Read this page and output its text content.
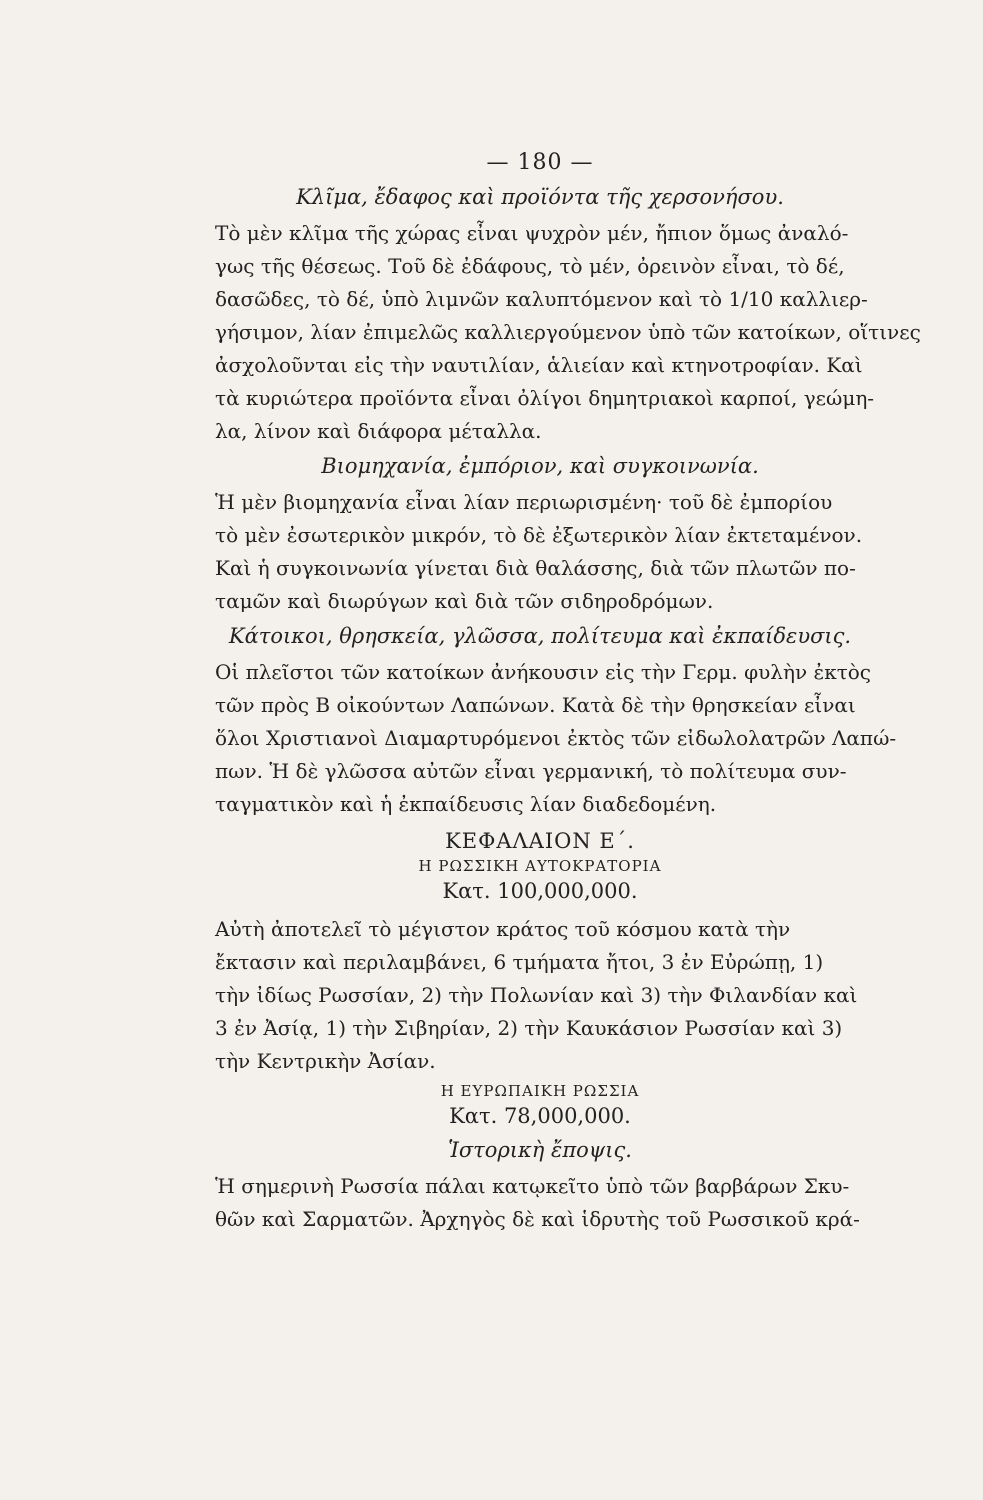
— 180 —
Κλῖμα, ἔδαφος καὶ προϊόντα τῆς χερσονήσου.
Τὸ μὲν κλῖμα τῆς χώρας εἶναι ψυχρὸν μέν, ἤπιον ὅμως ἀναλό-
γως τῆς θέσεως. Τοῦ δὲ ἐδάφους, τὸ μέν, ὀρεινὸν εἶναι, τὸ δέ,
δασῶδες, τὸ δέ, ὑπὸ λιμνῶν καλυπτόμενον καὶ τὸ 1/10 καλλιερ-
γήσιμον, λίαν ἐπιμελῶς καλλιεργούμενον ὑπὸ τῶν κατοίκων, οἵτινες
ἀσχολοῦνται εἰς τὴν ναυτιλίαν, ἁλιείαν καὶ κτηνοτροφίαν. Καὶ
τὰ κυριώτερα προϊόντα εἶναι ὀλίγοι δημητριακοὶ καρποί, γεώμη-
λα, λίνον καὶ διάφορα μέταλλα.
Βιομηχανία, ἐμπόριον, καὶ συγκοινωνία.
Ἡ μὲν βιομηχανία εἶναι λίαν περιωρισμένη· τοῦ δὲ ἐμπορίου
τὸ μὲν ἐσωτερικὸν μικρόν, τὸ δὲ ἐξωτερικὸν λίαν ἐκτεταμένον.
Καὶ ἡ συγκοινωνία γίνεται διὰ θαλάσσης, διὰ τῶν πλωτῶν πο-
ταμῶν καὶ διωρύγων καὶ διὰ τῶν σιδηροδρόμων.
Κάτοικοι, θρησκεία, γλῶσσα, πολίτευμα καὶ ἐκπαίδευσις.
Οἱ πλεῖστοι τῶν κατοίκων ἀνήκουσιν εἰς τὴν Γερμ. φυλὴν ἐκτὸς
τῶν πρὸς Β οἰκούντων Λαπώνων. Κατὰ δὲ τὴν θρησκείαν εἶναι
ὅλοι Χριστιανοὶ Διαμαρτυρόμενοι ἐκτὸς τῶν εἰδωλολατρῶν Λαπώ-
πων. Ἡ δὲ γλῶσσα αὐτῶν εἶναι γερμανική, τὸ πολίτευμα συν-
ταγματικὸν καὶ ἡ ἐκπαίδευσις λίαν διαδεδομένη.
ΚΕΦΑΛΑΙΟΝ Ε΄.
Η ΡΩΣΣΙΚΗ ΑΥΤΟΚΡΑΤΟΡΙΑ
Κατ. 100,000,000.
Αὐτὴ ἀποτελεῖ τὸ μέγιστον κράτος τοῦ κόσμου κατὰ τὴν
ἔκτασιν καὶ περιλαμβάνει, 6 τμήματα ἤτοι, 3 ἐν Εὐρώπῃ, 1)
τὴν ἰδίως Ρωσσίαν, 2) τὴν Πολωνίαν καὶ 3) τὴν Φιλανδίαν καὶ
3 ἐν Ἀσίᾳ, 1) τὴν Σιβηρίαν, 2) τὴν Καυκάσιον Ρωσσίαν καὶ 3)
τὴν Κεντρικὴν Ἀσίαν.
Η ΕΥΡΩΠΑΙΚΗ ΡΩΣΣΙΑ
Κατ. 78,000,000.
Ἱστορικὴ ἔποψις.
Ἡ σημερινὴ Ρωσσία πάλαι κατῳκεῖτο ὑπὸ τῶν βαρβάρων Σκυ-
θῶν καὶ Σαρματῶν. Ἀρχηγὸς δὲ καὶ ἱδρυτὴς τοῦ Ρωσσικοῦ κρά-
